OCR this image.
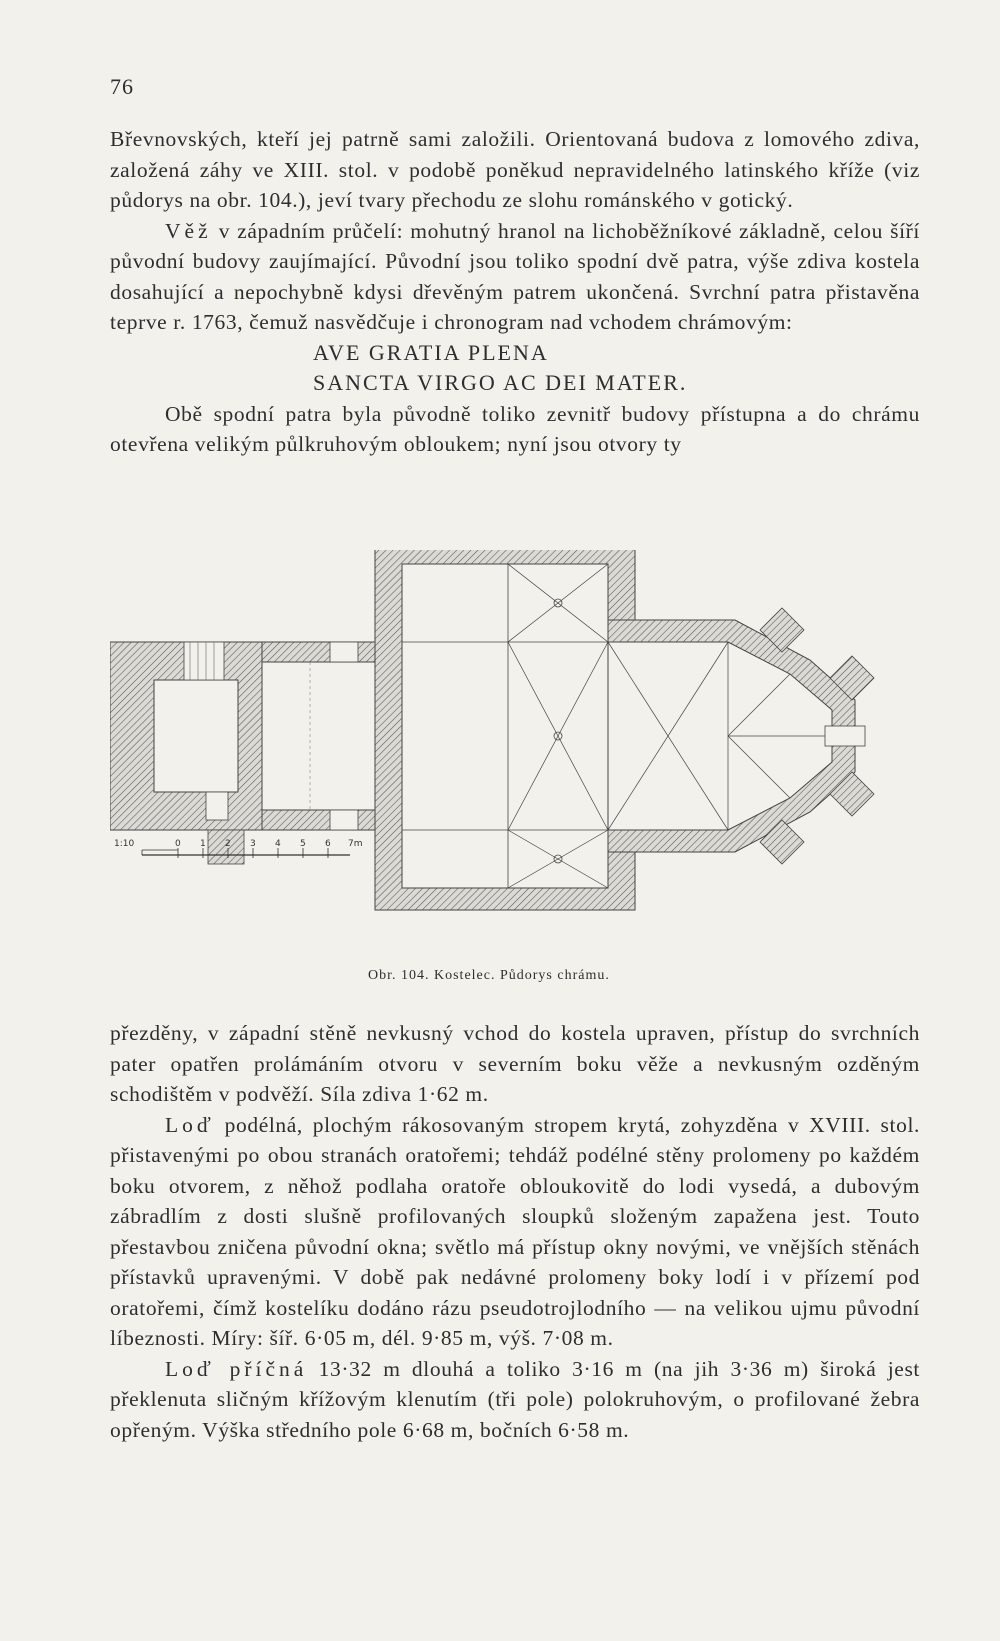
76

Břevnovských, kteří jej patrně sami založili. Orientovaná budova z lomového zdiva, založená záhy ve XIII. stol. v podobě poněkud nepravidelného latinského kříže (viz půdorys na obr. 104.), jeví tvary přechodu ze slohu románského v gotický.

Věž v západním průčelí: mohutný hranol na lichoběžníkové základně, celou šíří původní budovy zaujímající. Původní jsou toliko spodní dvě patra, výše zdiva kostela dosahující a nepochybně kdysi dřevěným patrem ukončená. Svrchní patra přistavěna teprve r. 1763, čemuž nasvědčuje i chronogram nad vchodem chrámovým:

AVE GRATIA PLENA

SANCTA VIRGO AC DEI MATER.

Obě spodní patra byla původně toliko zevnitř budovy přístupna a do chrámu otevřena velikým půlkruhovým obloukem; nyní jsou otvory ty

1:10	0 1 2 3 4 5 6 7m
Obr. 104. Kostelec. Půdorys chrámu.

přezděny, v západní stěně nevkusný vchod do kostela upraven, přístup do svrchních pater opatřen prolámáním otvoru v severním boku věže a nevkusným ozděným schodištěm v podvěží. Síla zdiva 1·62 m.

Loď podélná, plochým rákosovaným stropem krytá, zohyzděna v XVIII. stol. přistavenými po obou stranách oratořemi; tehdáž podélné stěny prolomeny po každém boku otvorem, z něhož podlaha oratoře obloukovitě do lodi vysedá, a dubovým zábradlím z dosti slušně profilovaných sloupků složeným zapažena jest. Touto přestavbou zničena původní okna; světlo má přístup okny novými, ve vnějších stěnách přístavků upravenými. V době pak nedávné prolomeny boky lodí i v přízemí pod oratořemi, čímž kostelíku dodáno rázu pseudotrojlodního — na velikou ujmu původní líbeznosti. Míry: šíř. 6·05 m, dél. 9·85 m, výš. 7·08 m.

Loď příčná 13·32 m dlouhá a toliko 3·16 m (na jih 3·36 m) široká jest překlenuta sličným křížovým klenutím (tři pole) polokruhovým, o profilované žebra opřeným. Výška středního pole 6·68 m, bočních 6·58 m.
